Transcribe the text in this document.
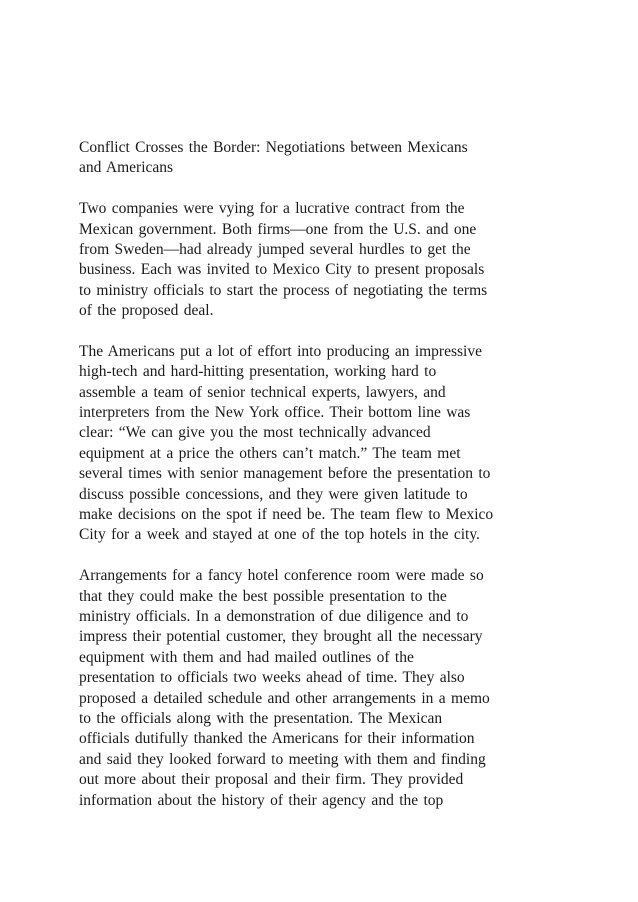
Conflict Crosses the Border: Negotiations between Mexicans
and Americans
Two companies were vying for a lucrative contract from the
Mexican government. Both firms—one from the U.S. and one
from Sweden—had already jumped several hurdles to get the
business. Each was invited to Mexico City to present proposals
to ministry officials to start the process of negotiating the terms
of the proposed deal.
The Americans put a lot of effort into producing an impressive
high-tech and hard-hitting presentation, working hard to
assemble a team of senior technical experts, lawyers, and
interpreters from the New York office. Their bottom line was
clear: “We can give you the most technically advanced
equipment at a price the others can’t match.” The team met
several times with senior management before the presentation to
discuss possible concessions, and they were given latitude to
make decisions on the spot if need be. The team flew to Mexico
City for a week and stayed at one of the top hotels in the city.
Arrangements for a fancy hotel conference room were made so
that they could make the best possible presentation to the
ministry officials. In a demonstration of due diligence and to
impress their potential customer, they brought all the necessary
equipment with them and had mailed outlines of the
presentation to officials two weeks ahead of time. They also
proposed a detailed schedule and other arrangements in a memo
to the officials along with the presentation. The Mexican
officials dutifully thanked the Americans for their information
and said they looked forward to meeting with them and finding
out more about their proposal and their firm. They provided
information about the history of their agency and the top
